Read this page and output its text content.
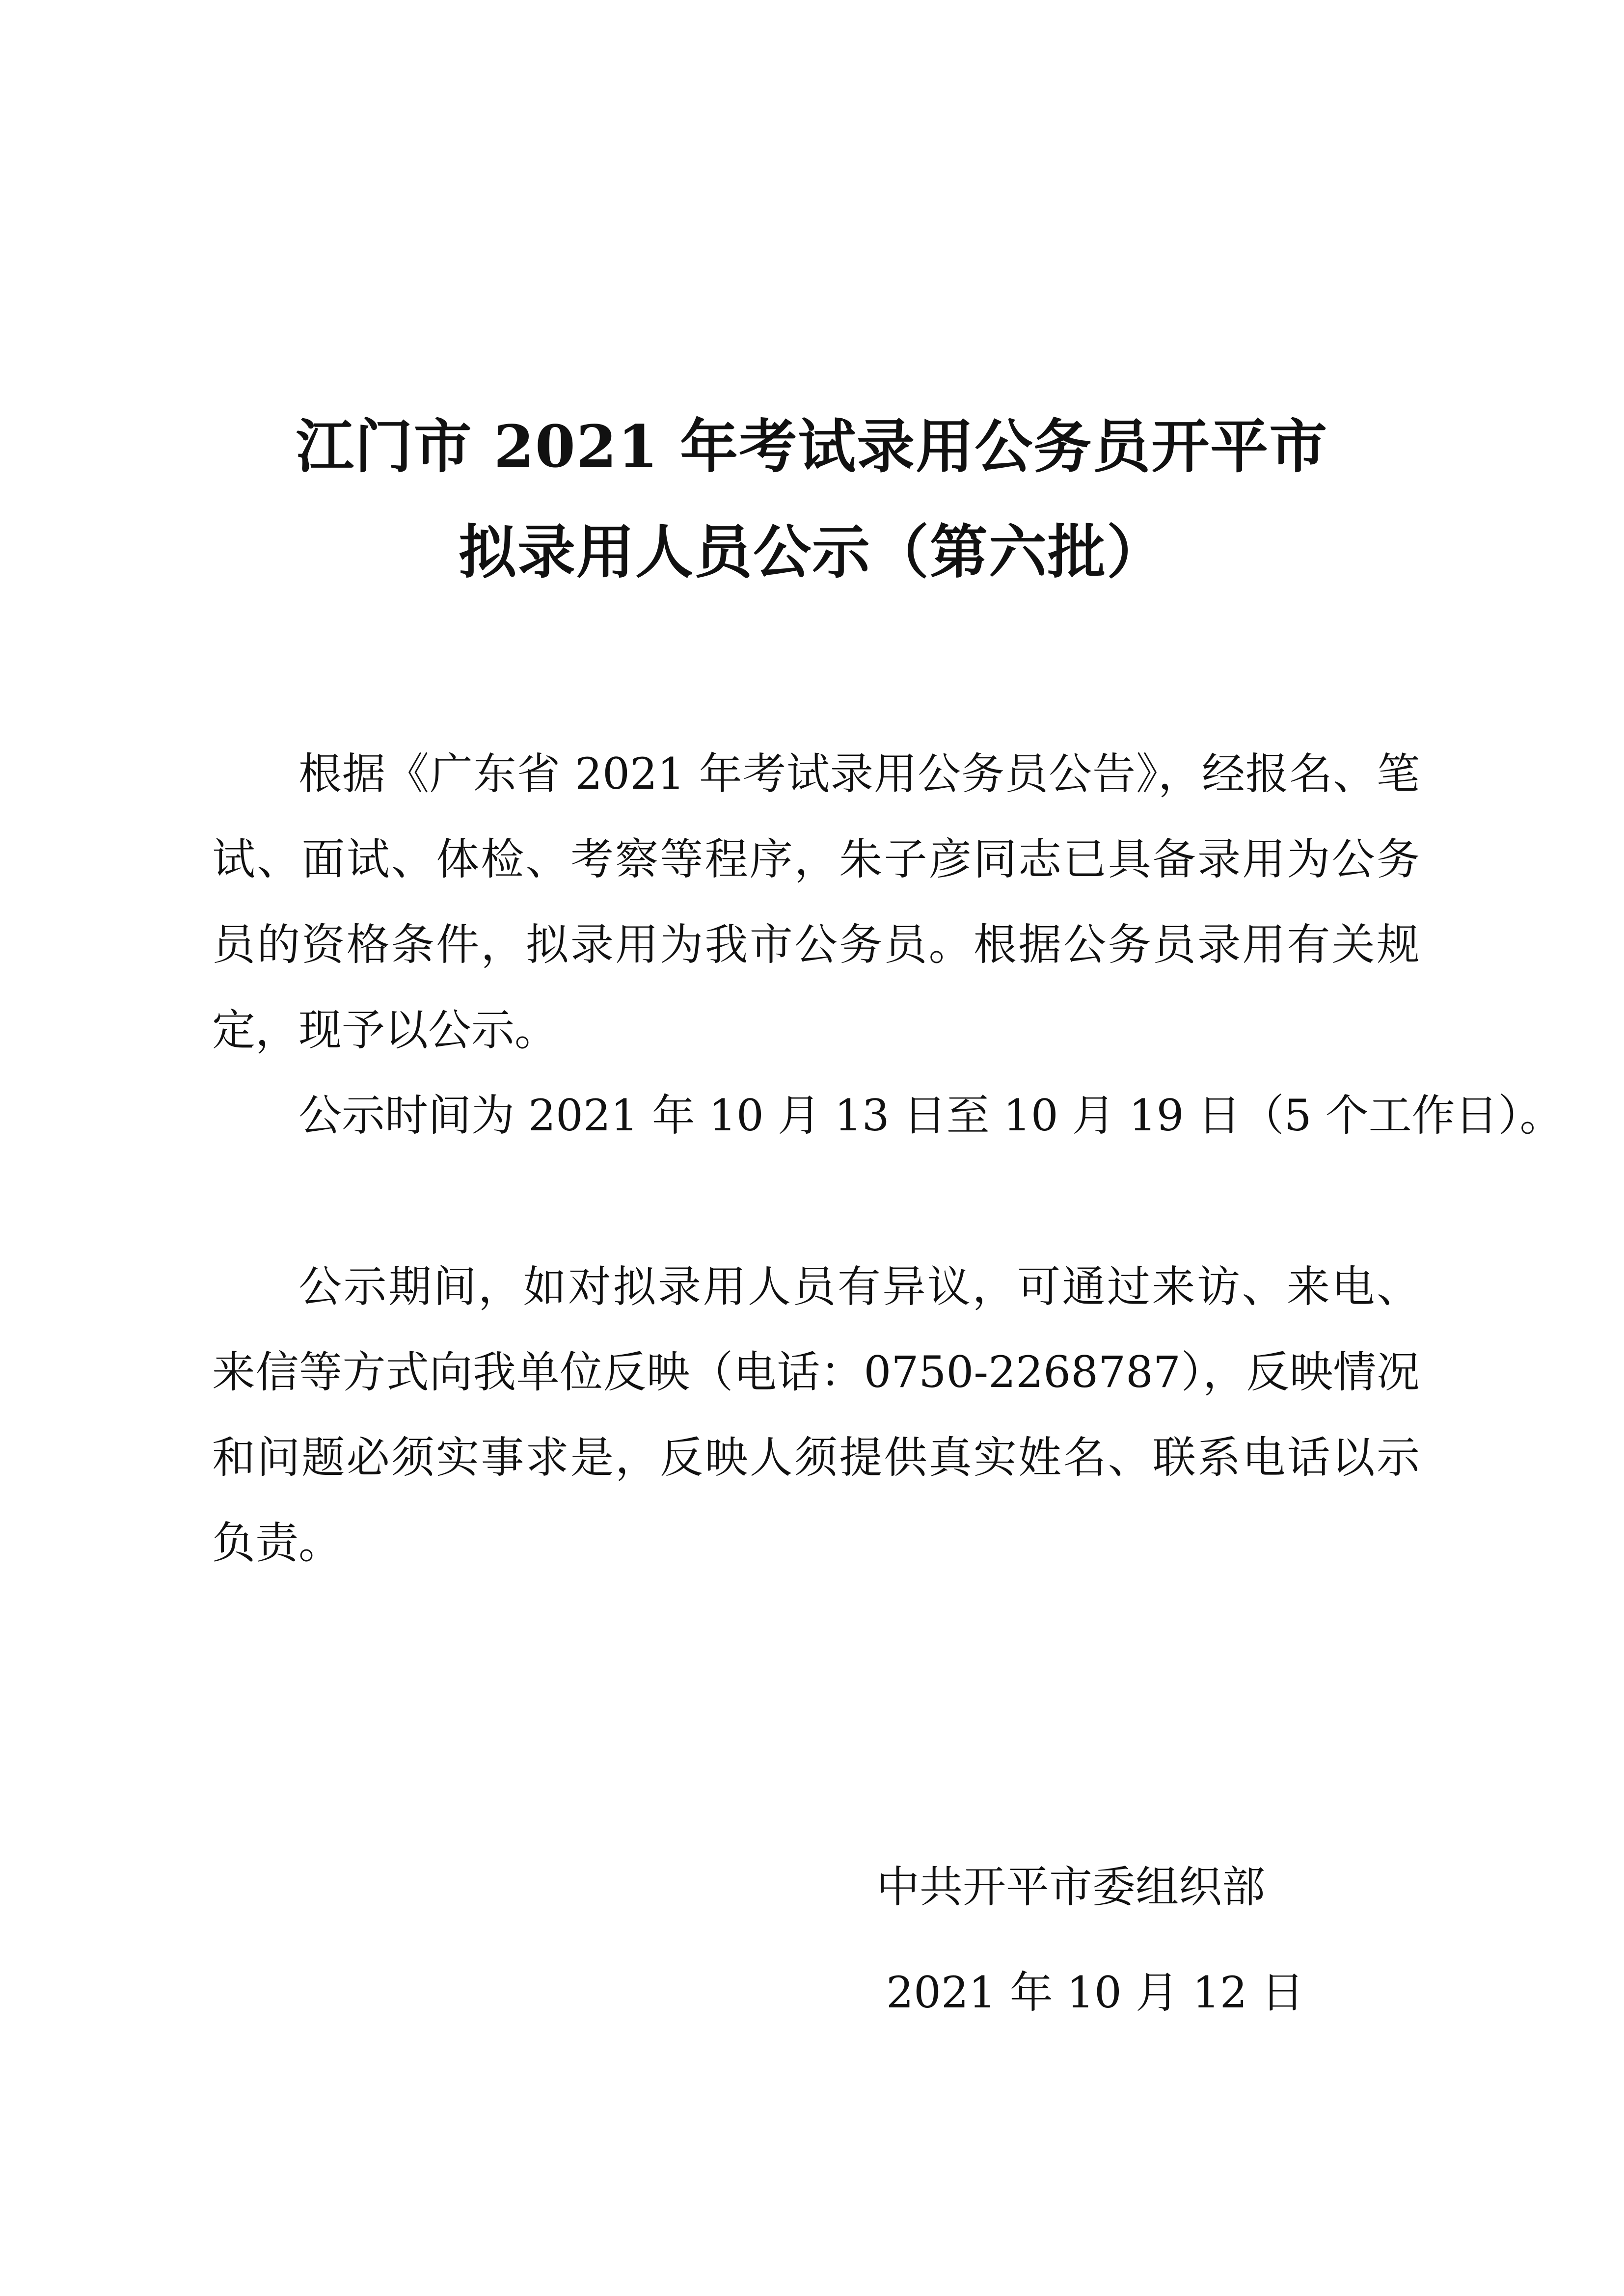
江门市 2021 年考试录用公务员开平市
拟录用人员公示（第六批）

根据《广东省 2021 年考试录用公务员公告》，经报名、笔试、面试、体检、考察等程序，朱子彦同志已具备录用为公务员的资格条件，拟录用为我市公务员。根据公务员录用有关规定，现予以公示。

公示时间为 2021 年 10 月 13 日至 10 月 19 日（5 个工作日）。

公示期间，如对拟录用人员有异议，可通过来访、来电、来信等方式向我单位反映（电话：0750-2268787），反映情况和问题必须实事求是，反映人须提供真实姓名、联系电话以示负责。

中共开平市委组织部
2021 年 10 月 12 日
